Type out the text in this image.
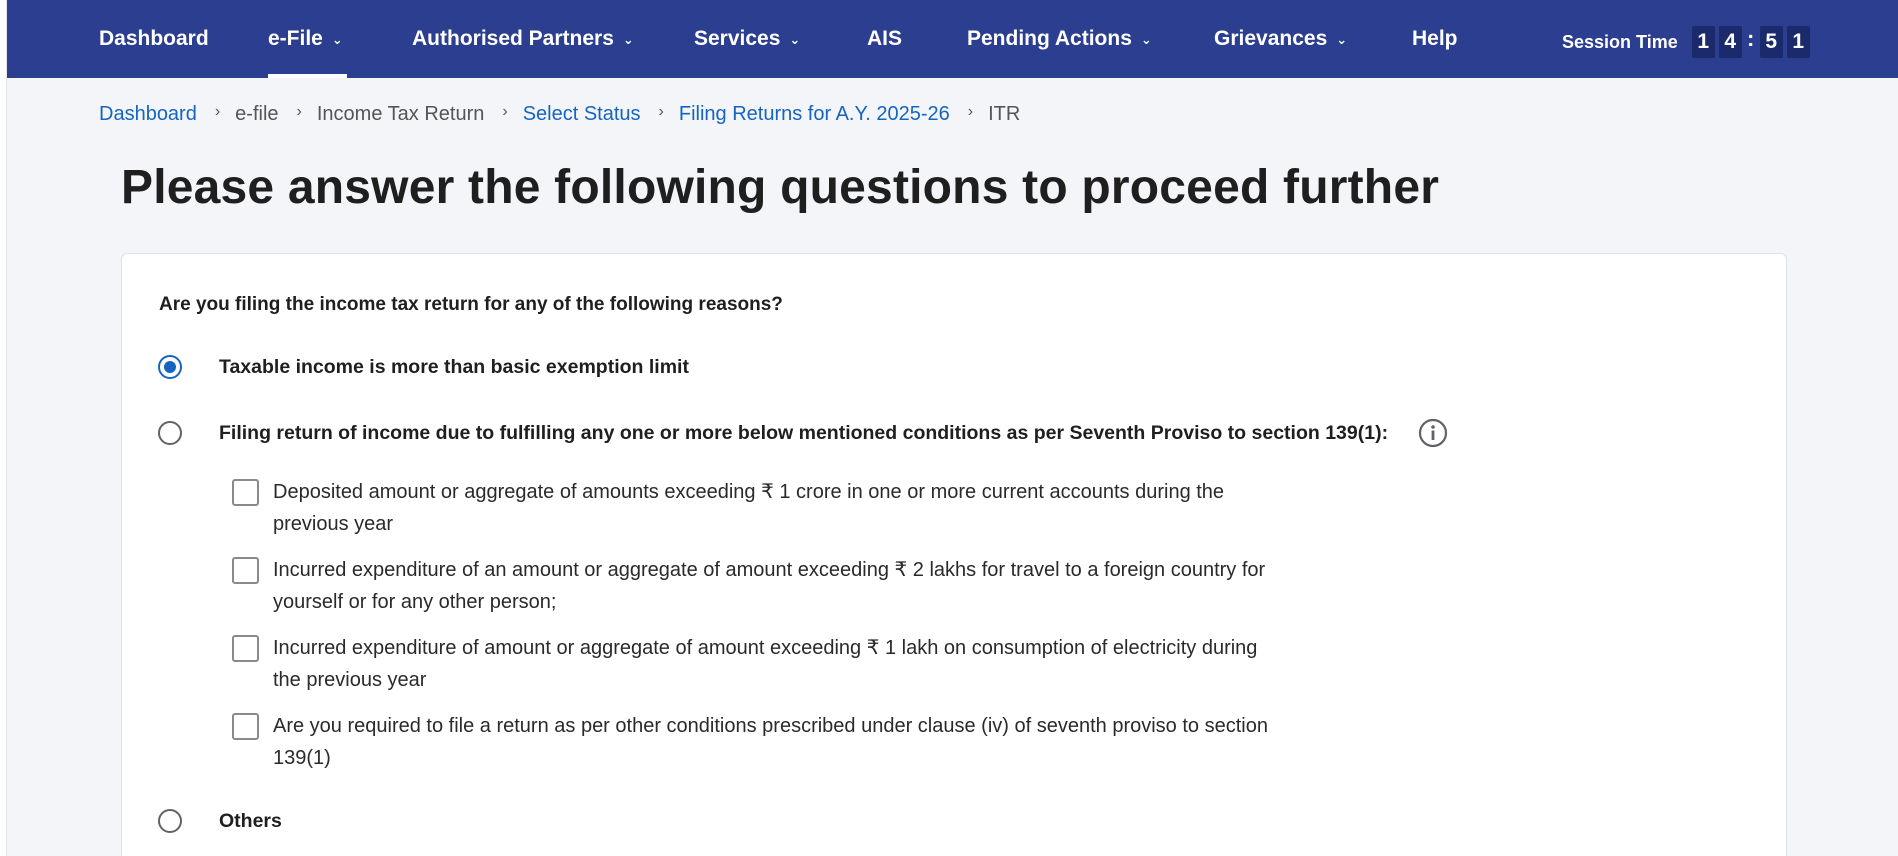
Dashboard	e-File ⌄	Authorised Partners ⌄	Services ⌄	AIS	Pending Actions ⌄	Grievances ⌄	Help	Session Time 1 4 : 5 1
Dashboard › e-file › Income Tax Return › Select Status › Filing Returns for A.Y. 2025-26 › ITR
Please answer the following questions to proceed further
Are you filing the income tax return for any of the following reasons?
Taxable income is more than basic exemption limit
Filing return of income due to fulfilling any one or more below mentioned conditions as per Seventh Proviso to section 139(1):
Deposited amount or aggregate of amounts exceeding ₹ 1 crore in one or more current accounts during the previous year
Incurred expenditure of an amount or aggregate of amount exceeding ₹ 2 lakhs for travel to a foreign country for yourself or for any other person;
Incurred expenditure of amount or aggregate of amount exceeding ₹ 1 lakh on consumption of electricity during the previous year
Are you required to file a return as per other conditions prescribed under clause (iv) of seventh proviso to section 139(1)
Others
